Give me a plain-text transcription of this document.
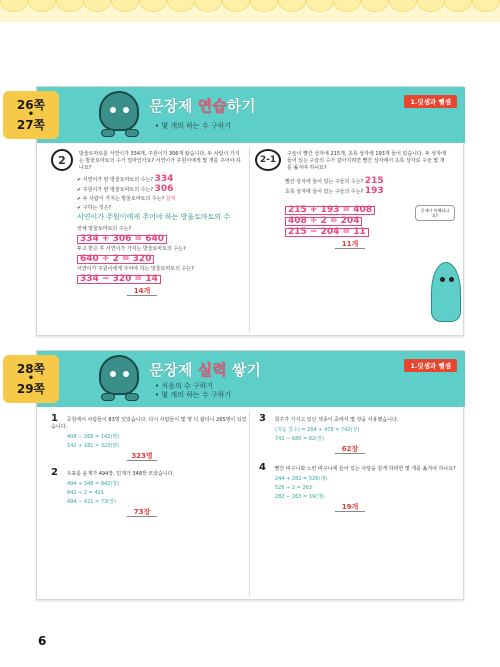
문장제 연습하기
• 몇 개의 하는 수 구하기
1.덧셈과 뺄셈
2	방울토마토를 서연이가 334개, 주원이가 306개 땄습니다. 두 사람이 가지는 방울토마토의 수가 얼마인가요? 서연이가 주원이에게 몇 개를 주어야 하나요?
✔ 서연이가 딴 방울토마토의 수는? 334
✔ 주원이가 딴 방울토마토의 수는? 306
✔ 두 사람이 가지는 방울토마토의 수는? 같게
✔ 구하는 것은?
서연이가 주원이에게 주어야 하는 방울토마토의 수
전체 방울토마토의 수는?
334 + 306 = 640
두고 받은 후 서연이가 가지는 방울토마토의 수는?
640 ÷ 2 = 320
서연이가 주원이에게 주어야 하는 방울토마토의 수는?
334 − 320 = 14
14개
2-1
구슬이 빨간 상자에 215개, 초록 상자에 193개 들어 있습니다. 두 상자에 들어 있는 구슬의 수가 같아지려면 빨간 상자에서 초록 상자로 구슬 몇 개를 옮겨야 하나요?
빨간 상자에 들어 있는 구슬의 수는? 215
초록 상자에 들어 있는 구슬의 수는? 193
215 + 193 = 408
408 ÷ 2 = 204
215 − 204 = 11
11개
문제가 이해되나요?
26쪽
•
27쪽
문장제 실력 쌓기
• 처음의 수 구하기
• 몇 개의 하는 수 구하기
1.덧셈과 뺄셈
1 공원에서 사람들이 83명 있었습니다. 다시 사람들이 몇 명 더 왔더니 265명이 되었습니다.
408 − 266 = 142(명)
142 + 181 = 323(명)
323명
2 우표를 윤재가 494장, 민재가 348장 모았습니다.
494 + 348 = 842(장)
842 ÷ 2 = 421
494 − 421 = 73(장)
73장
3 희주가 가지고 있던 색종이 중에서 몇 장을 사용했습니다.
(처음 장수) = 264 + 478 = 742(장)
742 − 680 = 62(장)
62장
4 빨간 바구니와 노란 바구니에 들어 있는 사탕을 같게 하려면 몇 개를 옮겨야 하나요?
244 + 282 = 526(개)
526 ÷ 2 = 263
282 − 263 = 19(개)
19개
28쪽
•
29쪽
6
